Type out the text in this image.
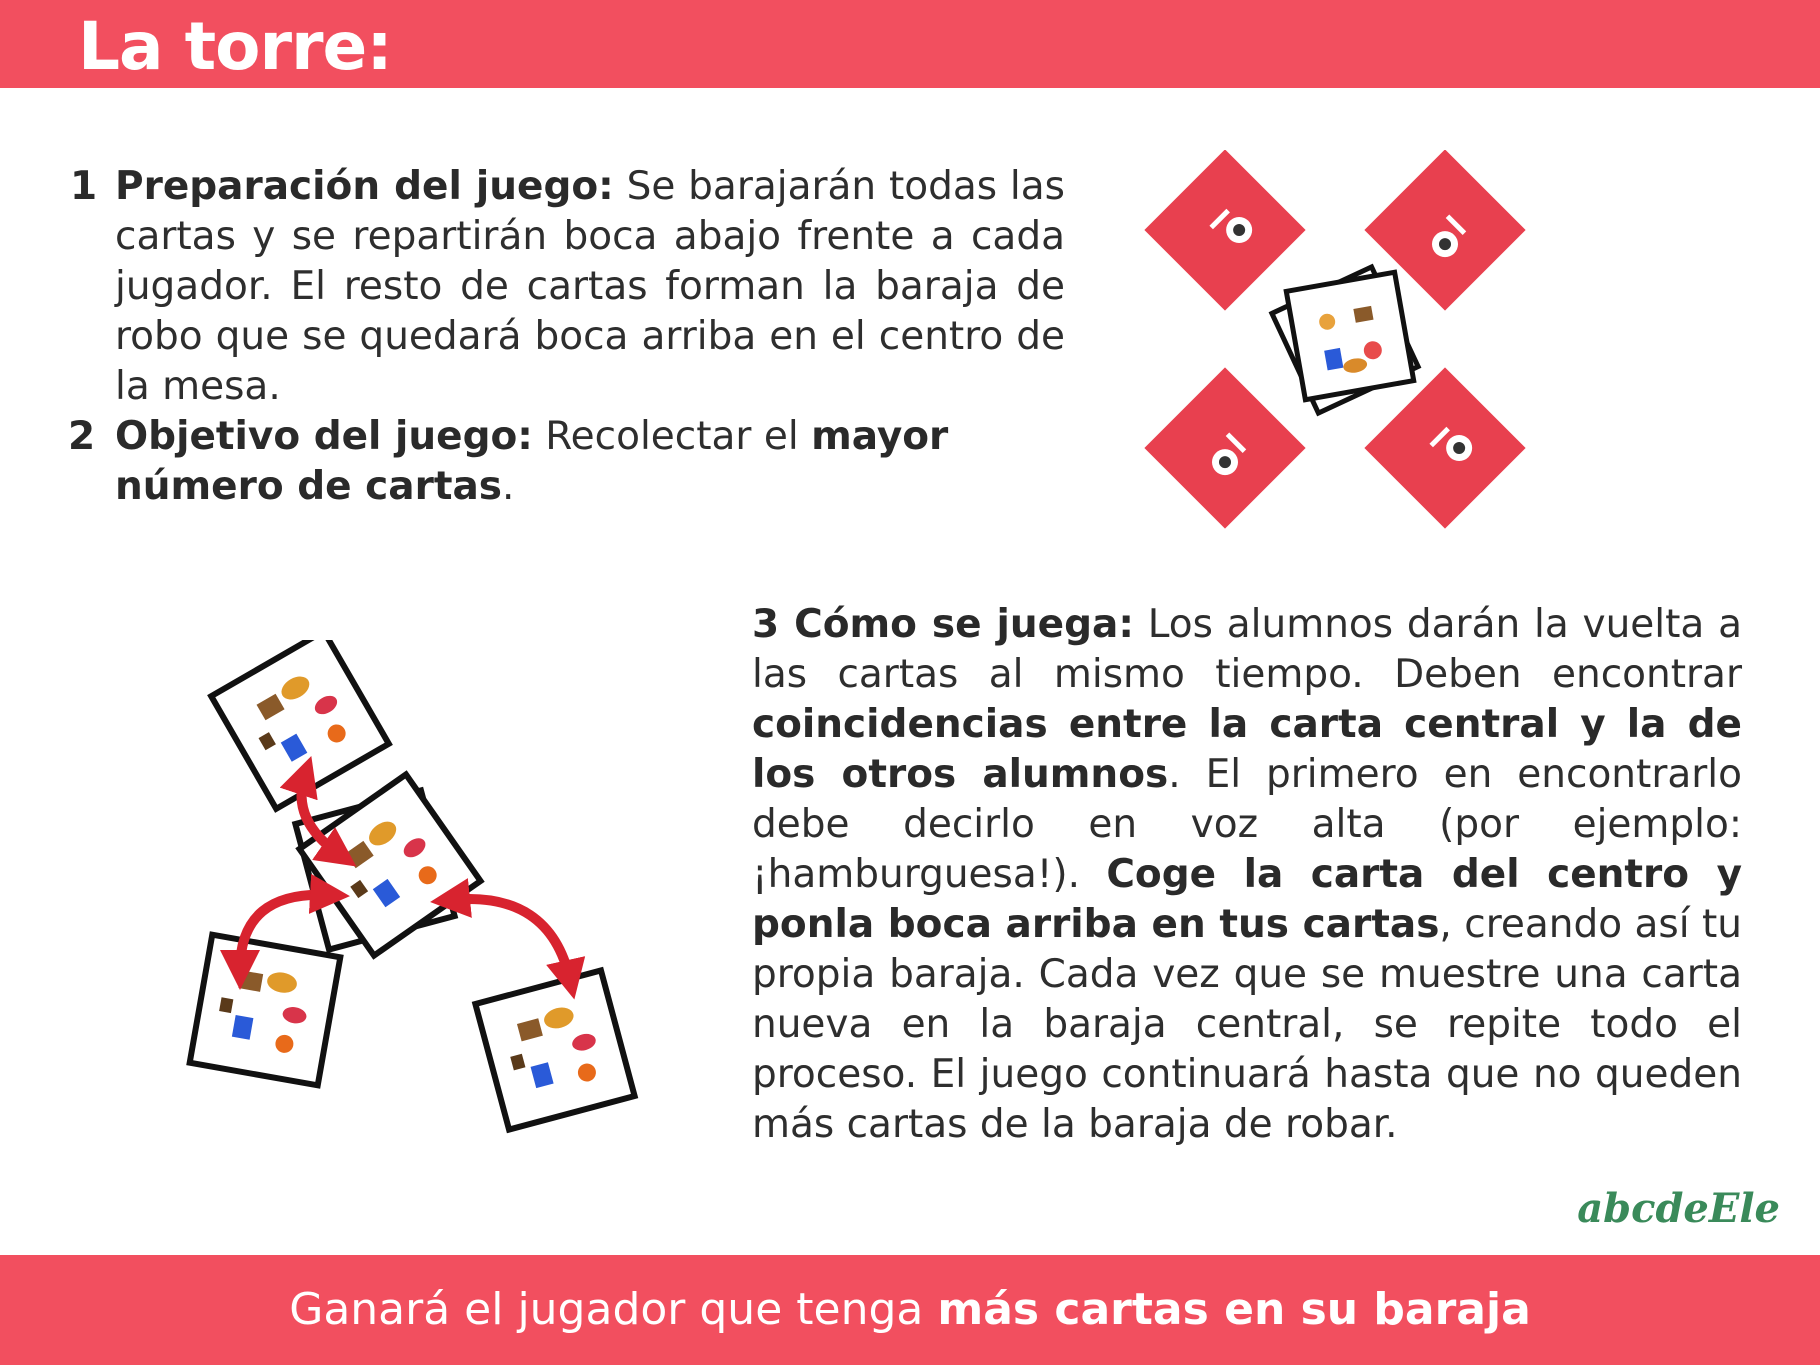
La torre:
1 Preparación del juego: Se barajarán todas las cartas y se repartirán boca abajo frente a cada jugador. El resto de cartas forman la baraja de robo que se quedará boca arriba en el centro de la mesa.
2 Objetivo del juego: Recolectar el mayor número de cartas.
3 Cómo se juega: Los alumnos darán la vuelta a las cartas al mismo tiempo. Deben encontrar coincidencias entre la carta central y la de los otros alumnos. El primero en encontrarlo debe decirlo en voz alta (por ejemplo: ¡hamburguesa!). Coge la carta del centro y ponla boca arriba en tus cartas, creando así tu propia baraja. Cada vez que se muestre una carta nueva en la baraja central, se repite todo el proceso. El juego continuará hasta que no queden más cartas de la baraja de robar.
abcdeEle
Ganará el jugador que tenga más cartas en su baraja
